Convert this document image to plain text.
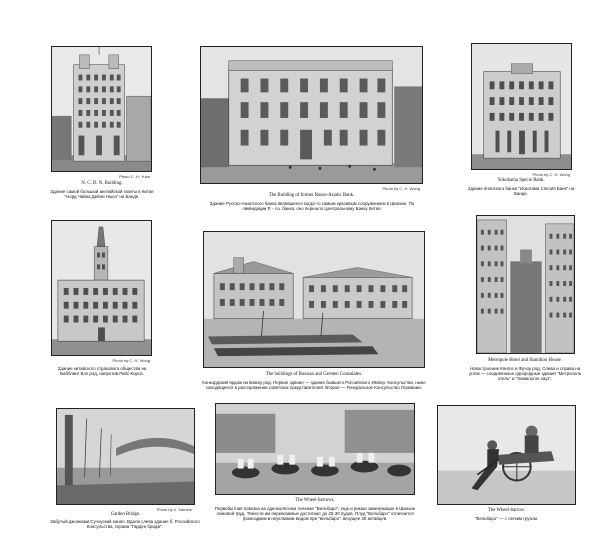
Photo C. H. Yuan
N. C. D. N. Building.
Здание самой большой английской газеты в Китае "Норд Чайна Дейли Ньюз" на Банде.
Photo by C. H. Wong
The Building of former Russo-Asiatic Bank.
Здание Русско-Азиатского банка являвшееся когда-то самым красивым сооружением в Шанхае. По ликвидации Р. - Аз. банка, оно перешло Центральному Банку Китая.
Photo by C. H. Wong
Yokohama Specie Bank.
Здание японского банка "Иокогама Спесия Банк" на Банде.
Photo by C. H. Wong
Здание китайского страхового общества на Бабблинг Вэл род, напротив Рейс-Корса.	The buildings of Russian and Germen Consulates.
Конкордский ярдаж на Вампу род. Первое здание — здание бывшего Российского Импер. Консульства, ныне находящееся в распоряжении советских представителей. Второе — Генеральное Консульство Германии.
Metropole Hotel and Hamilton House.
Новостроение Кянгсе и Фучоу род. Слева и справа на углах — соединённые однородные здания "Метрополь отель" и "Хамильтон хауз".
Photo by V. Sarnine
Garden Bridge.
Забутый джонками Сучоуский канал. Вдали слева здание б. Российского Консульства, справа "Гарден бридж".
The Wheel-barrows.
Первобытная повозка на одноколёсном тележке "Вельбаро", еще и рикши заменяющие в Шанхае ломовой труд. Тяжести им перевозимые достигают до 25-30 пудов. Плуд "Вельбаро" отличается громоздким и неуклюжим видом при "вельбаро", везущее 30 китайцев.
The Wheel-barrow.
"Вельбаро" — с легким грузом.
